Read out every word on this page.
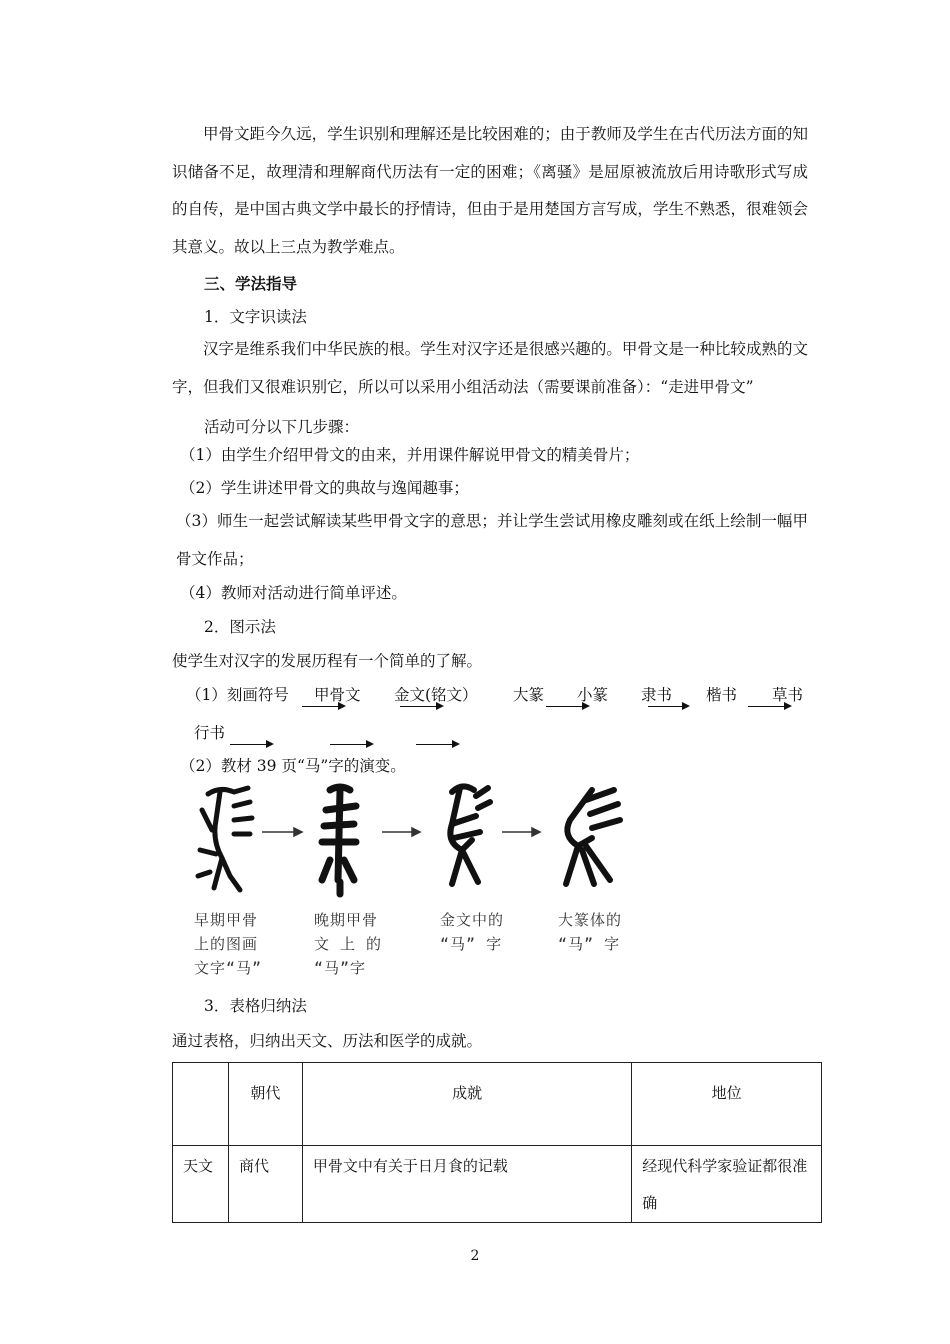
甲骨文距今久远，学生识别和理解还是比较困难的；由于教师及学生在古代历法方面的知识储备不足，故理清和理解商代历法有一定的困难；《离骚》是屈原被流放后用诗歌形式写成的自传，是中国古典文学中最长的抒情诗，但由于是用楚国方言写成，学生不熟悉，很难领会其意义。故以上三点为教学难点。

三、学法指导

1．文字识读法

汉字是维系我们中华民族的根。学生对汉字还是很感兴趣的。甲骨文是一种比较成熟的文字，但我们又很难识别它，所以可以采用小组活动法（需要课前准备）：“走进甲骨文”

活动可分以下几步骤：

（1）由学生介绍甲骨文的由来，并用课件解说甲骨文的精美骨片；

（2）学生讲述甲骨文的典故与逸闻趣事；

（3）师生一起尝试解读某些甲骨文字的意思；并让学生尝试用橡皮雕刻或在纸上绘制一幅甲骨文作品；

（4）教师对活动进行简单评述。

2．图示法

使学生对汉字的发展历程有一个简单的了解。

（1）刻画符号 甲骨文 金文(铭文） 大篆 小篆 隶书 楷书 草书
行书

（2）教材 39 页“马”字的演变。

早期甲骨
上的图画
文字“马”
晚期甲骨
文 上 的
“马”字
金文中的
“马” 字
大篆体的
“马” 字

3．表格归纳法

通过表格，归纳出天文、历法和医学的成就。

	朝代	成就	地位
天文	商代	甲骨文中有关于日月食的记载	经现代科学家验证都很准确
2
